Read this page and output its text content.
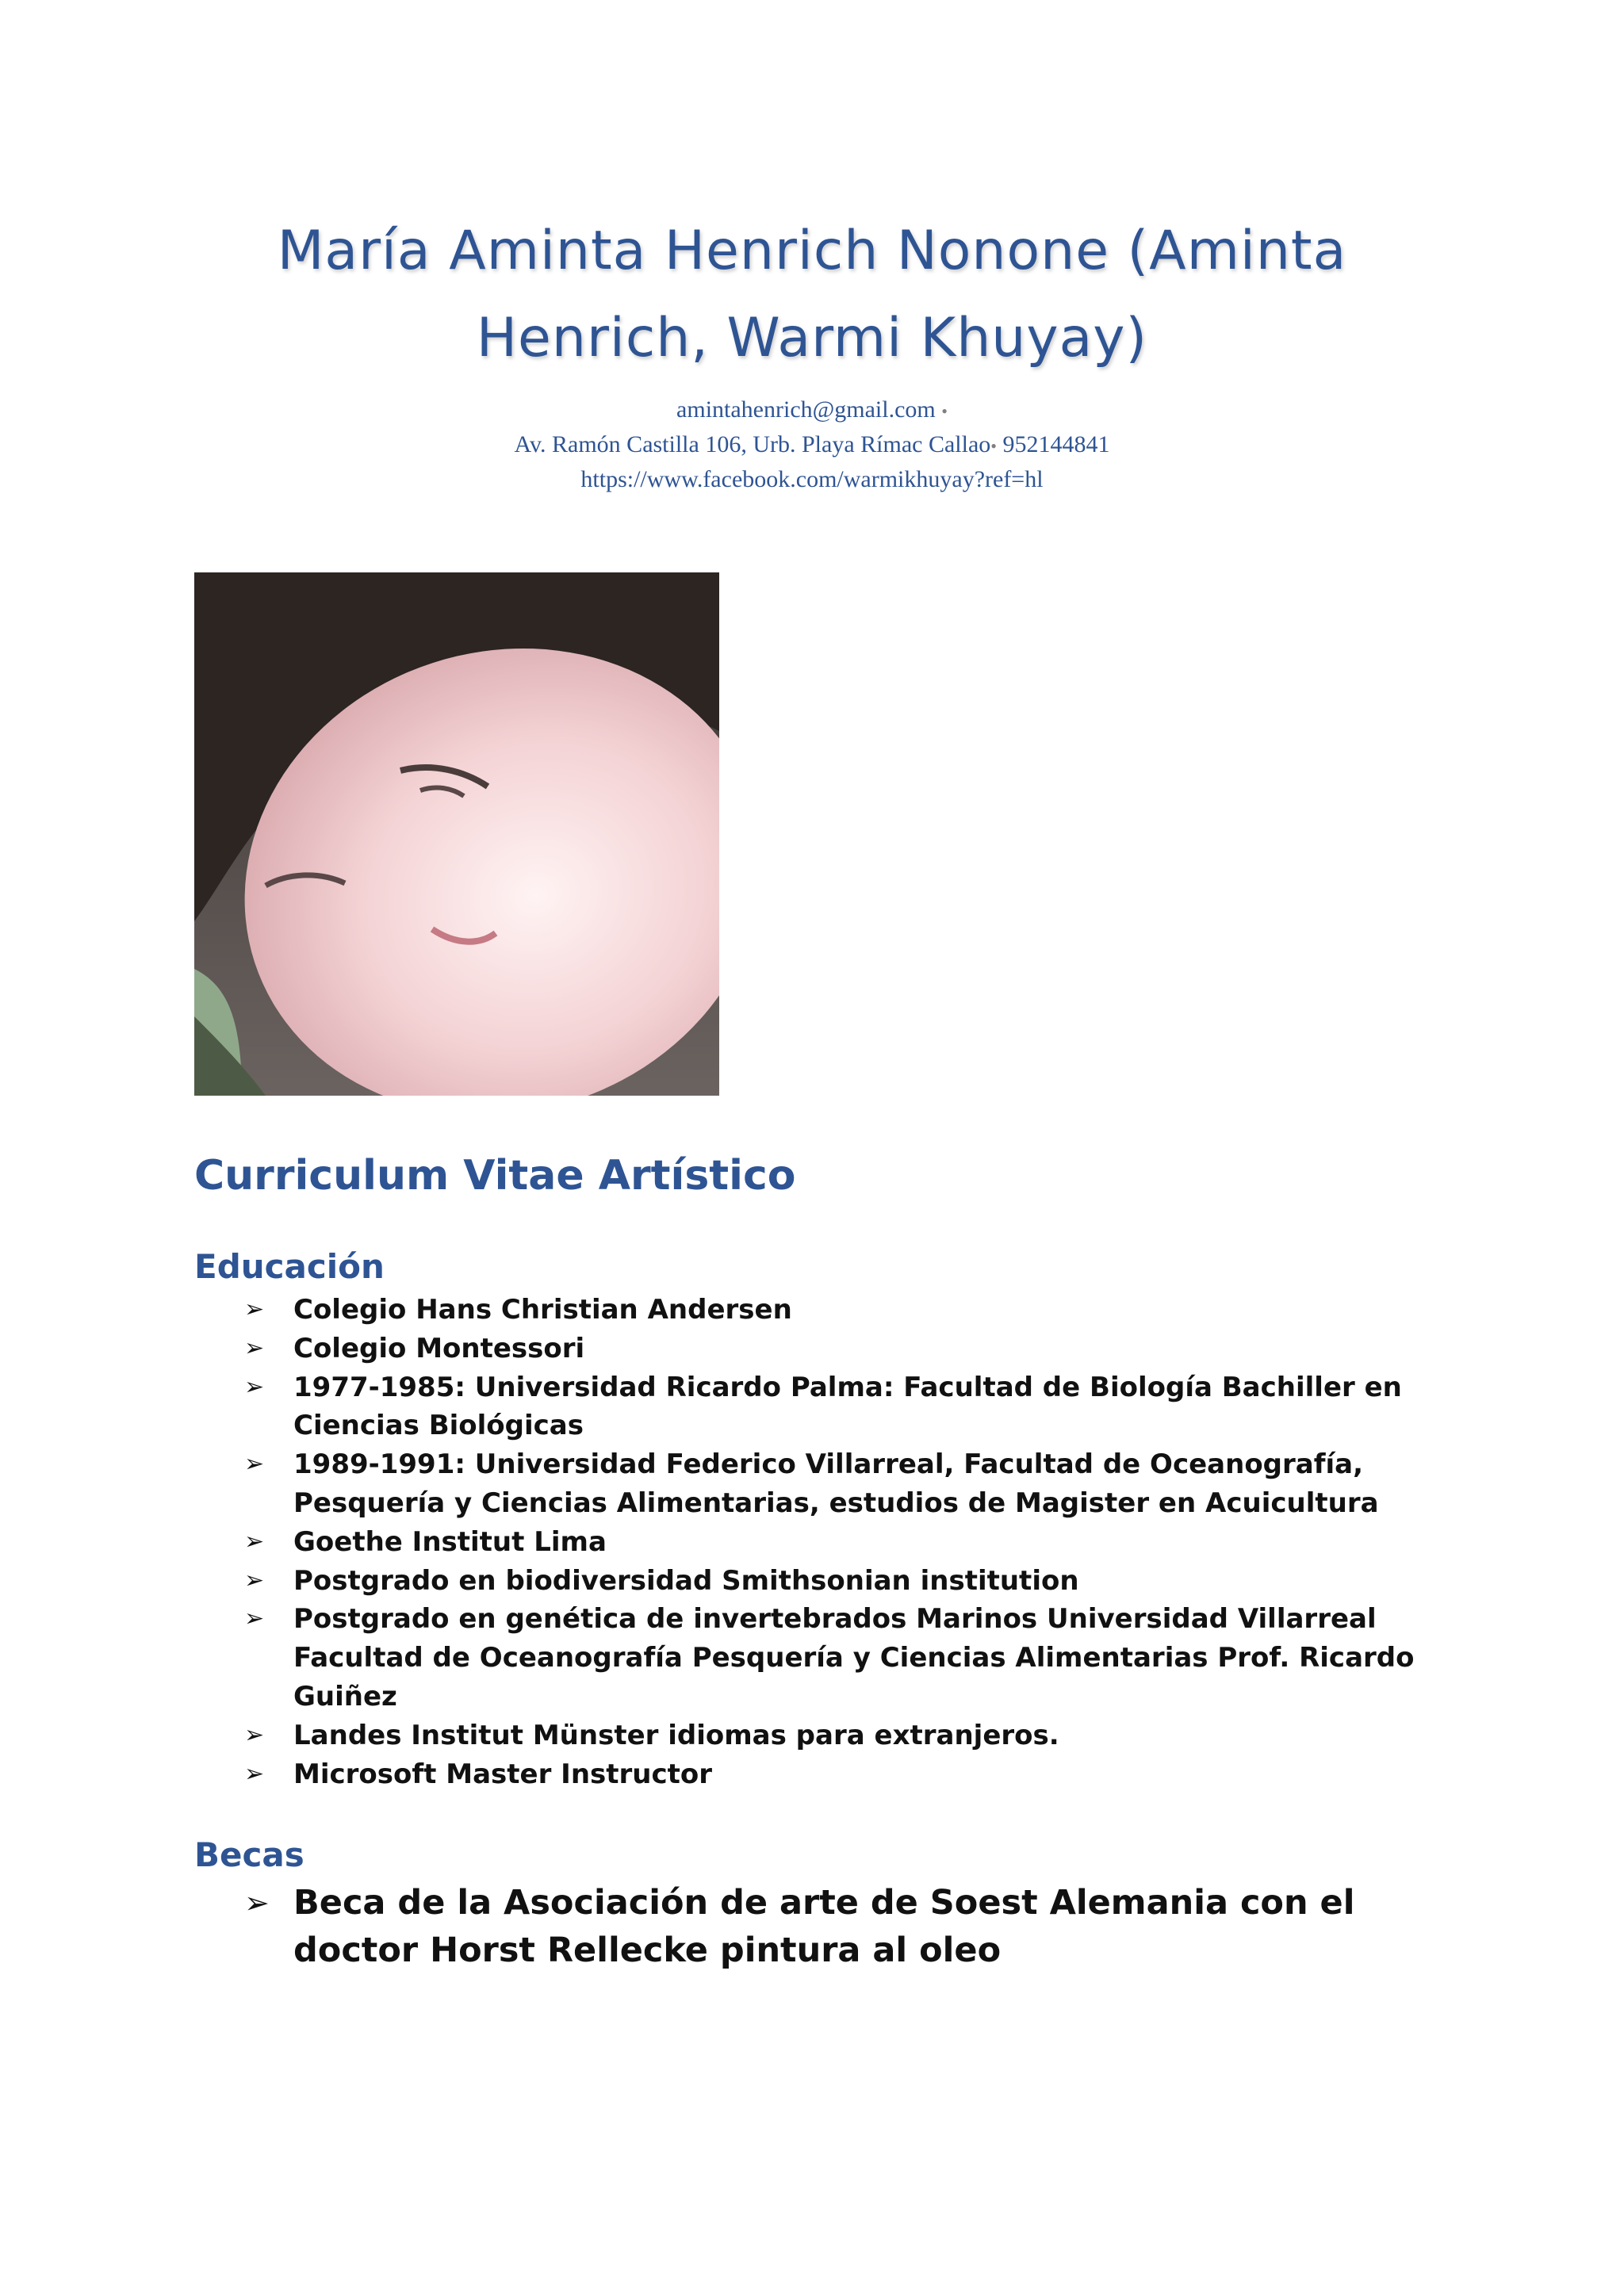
María Aminta Henrich Nonone (Aminta
Henrich, Warmi Khuyay)
amintahenrich@gmail.com •
Av. Ramón Castilla 106, Urb. Playa Rímac Callao• 952144841
https://www.facebook.com/warmikhuyay?ref=hl
Curriculum Vitae Artístico
Educación
➢ Colegio Hans Christian Andersen
➢ Colegio Montessori
➢ 1977-1985: Universidad Ricardo Palma: Facultad de Biología Bachiller en Ciencias Biológicas
➢ 1989-1991: Universidad Federico Villarreal, Facultad de Oceanografía, Pesquería y Ciencias Alimentarias, estudios de Magister en Acuicultura
➢ Goethe Institut Lima
➢ Postgrado en biodiversidad Smithsonian institution
➢ Postgrado en genética de invertebrados Marinos Universidad Villarreal Facultad de Oceanografía Pesquería y Ciencias Alimentarias Prof. Ricardo Guiñez
➢ Landes Institut Münster idiomas para extranjeros.
➢ Microsoft Master Instructor
Becas
➢ Beca de la Asociación de arte de Soest Alemania con el doctor Horst Rellecke pintura al oleo
